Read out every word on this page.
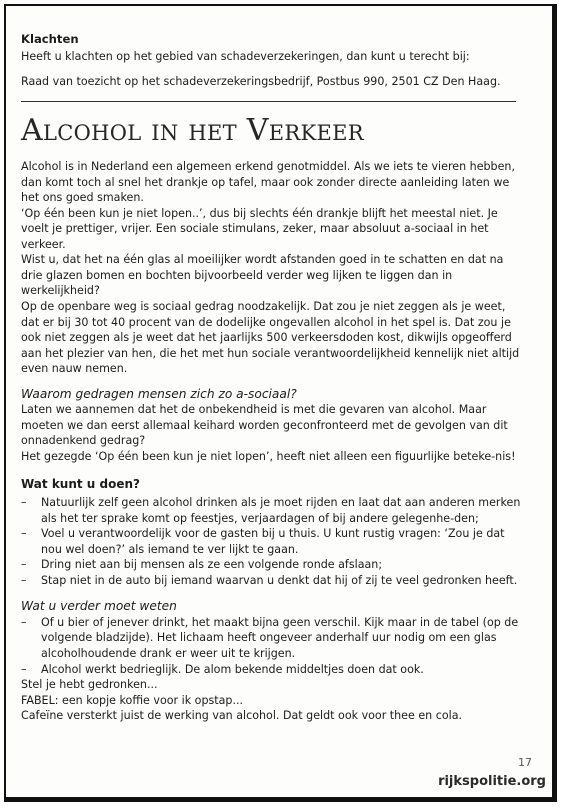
Klachten

Heeft u klachten op het gebied van schadeverzekeringen, dan kunt u terecht bij:

Raad van toezicht op het schadeverzekeringsbedrijf, Postbus 990, 2501 CZ Den Haag.

Alcohol in het Verkeer

Alcohol is in Nederland een algemeen erkend genotmiddel. Als we iets te vieren hebben, dan komt toch al snel het drankje op tafel, maar ook zonder directe aanleiding laten we het ons goed smaken.

‘Op één been kun je niet lopen..’, dus bij slechts één drankje blijft het meestal niet. Je voelt je prettiger, vrijer. Een sociale stimulans, zeker, maar absoluut a-sociaal in het verkeer.

Wist u, dat het na één glas al moeilijker wordt afstanden goed in te schatten en dat na drie glazen bomen en bochten bijvoorbeeld verder weg lijken te liggen dan in werkelijkheid?

Op de openbare weg is sociaal gedrag noodzakelijk. Dat zou je niet zeggen als je weet, dat er bij 30 tot 40 procent van de dodelijke ongevallen alcohol in het spel is. Dat zou je ook niet zeggen als je weet dat het jaarlijks 500 verkeersdoden kost, dikwijls opgeofferd aan het plezier van hen, die het met hun sociale verantwoordelijkheid kennelijk niet altijd even nauw nemen.

Waarom gedragen mensen zich zo a-sociaal?

Laten we aannemen dat het de onbekendheid is met die gevaren van alcohol. Maar moeten we dan eerst allemaal keihard worden geconfronteerd met de gevolgen van dit onnadenkend gedrag?

Het gezegde ‘Op één been kun je niet lopen’, heeft niet alleen een figuurlijke beteke-nis!

Wat kunt u doen?

– Natuurlijk zelf geen alcohol drinken als je moet rijden en laat dat aan anderen merken als het ter sprake komt op feestjes, verjaardagen of bij andere gelegenhe-den;
– Voel u verantwoordelijk voor de gasten bij u thuis. U kunt rustig vragen: ‘Zou je dat nou wel doen?’ als iemand te ver lijkt te gaan.
– Dring niet aan bij mensen als ze een volgende ronde afslaan;
– Stap niet in de auto bij iemand waarvan u denkt dat hij of zij te veel gedronken heeft.

Wat u verder moet weten

– Of u bier of jenever drinkt, het maakt bijna geen verschil. Kijk maar in de tabel (op de volgende bladzijde). Het lichaam heeft ongeveer anderhalf uur nodig om een glas alcoholhoudende drank er weer uit te krijgen.
– Alcohol werkt bedrieglijk. De alom bekende middeltjes doen dat ook.

Stel je hebt gedronken...

FABEL: een kopje koffie voor ik opstap...

Cafeïne versterkt juist de werking van alcohol. Dat geldt ook voor thee en cola.

17
rijkspolitie.org
